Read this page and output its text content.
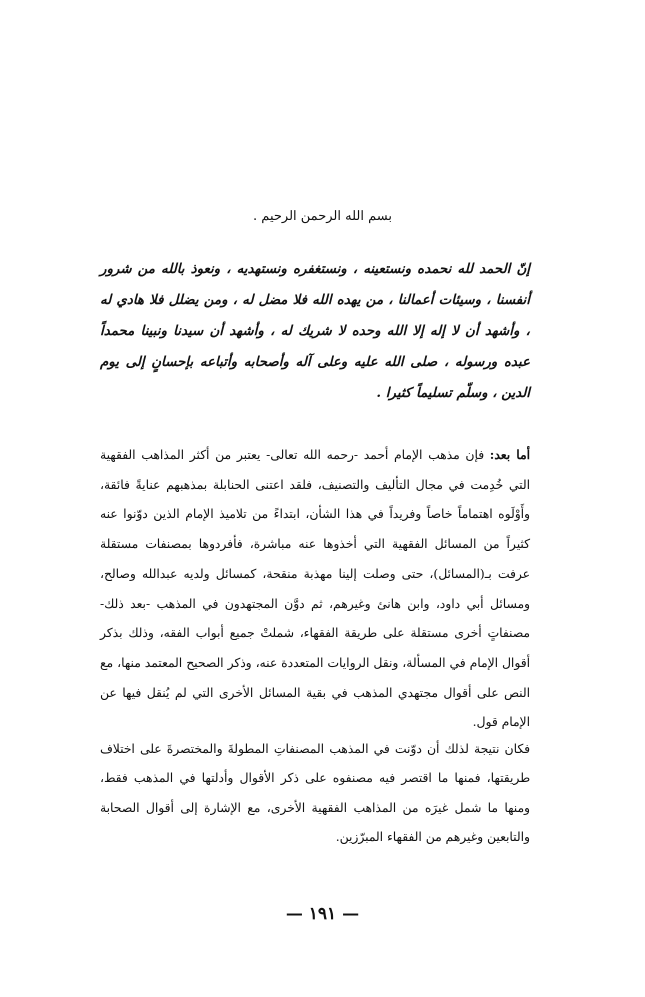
بسم الله الرحمن الرحيم .

إنّ الحمد لله نحمده ونستعينه ، ونستغفره ونستهديه ، ونعوذ بالله من شرور أنفسنا ، وسيئات أعمالنا ، من يهده الله فلا مضل له ، ومن يضلل فلا هادي له ، وأشهد أن لا إله إلا الله وحده لا شريك له ، وأشهد أن سيدنا ونبينا محمداً عبده ورسوله ، صلى الله عليه وعلى آله وأصحابه وأتباعه بإحسانٍ إلى يوم الدين ، وسلّم تسليماً كثيرا .

أما بعد: فإن مذهب الإمام أحمد -رحمه الله تعالى- يعتبر من أكثر المذاهب الفقهية التي خُدِمت في مجال التأليف والتصنيف، فلقد اعتنى الحنابلة بمذهبهم عنايةً فائقة، وأَوْلَوه اهتماماً خاصاً وفريداً في هذا الشأن، ابتداءً من تلاميذ الإمام الذين دوّنوا عنه كثيراً من المسائل الفقهية التي أخذوها عنه مباشرة، فأفردوها بمصنفات مستقلة عرفت بـ(المسائل)، حتى وصلت إلينا مهذبة منقحة، كمسائل ولديه عبدالله وصالح، ومسائل أبي داود، وابن هانئ وغيرهم، ثم دوَّن المجتهدون في المذهب -بعد ذلك- مصنفاتٍ أخرى مستقلة على طريقة الفقهاء، شملتْ جميع أبواب الفقه، وذلك بذكر أقوال الإمام في المسألة، ونقل الروايات المتعددة عنه، وذكر الصحيح المعتمد منها، مع النص على أقوال مجتهدي المذهب في بقية المسائل الأخرى التي لم يُنقل فيها عن الإمام قول.

فكان نتيجة لذلك أن دوّنت في المذهب المصنفاتِ المطولةَ والمختصرةَ على اختلاف طريقتها، فمنها ما اقتصر فيه مصنفوه على ذكر الأقوال وأدلتها في المذهب فقط، ومنها ما شمل غيرَه من المذاهب الفقهية الأخرى، مع الإشارة إلى أقوال الصحابة والتابعين وغيرهم من الفقهاء المبرّزين.

— ١٩١ —
